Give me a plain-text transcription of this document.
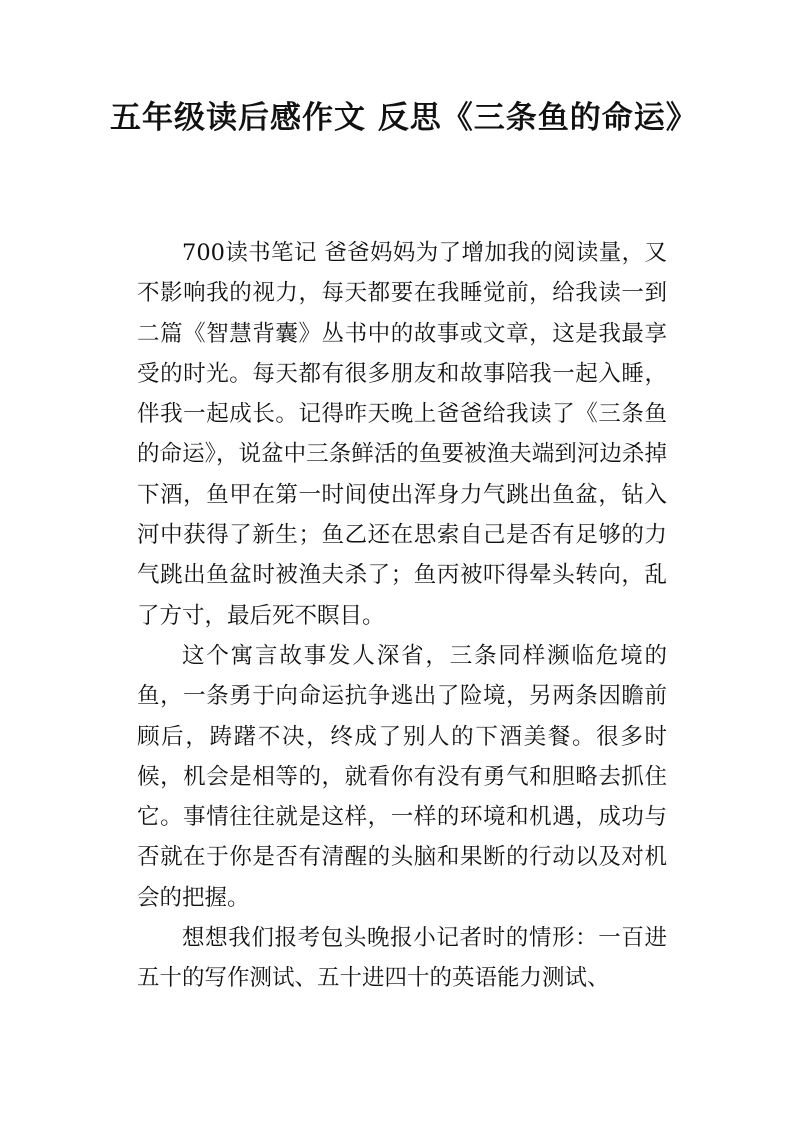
五年级读后感作文 反思《三条鱼的命运》

700读书笔记 爸爸妈妈为了增加我的阅读量，又不影响我的视力，每天都要在我睡觉前，给我读一到二篇《智慧背囊》丛书中的故事或文章，这是我最享受的时光。每天都有很多朋友和故事陪我一起入睡，伴我一起成长。记得昨天晚上爸爸给我读了《三条鱼的命运》，说盆中三条鲜活的鱼要被渔夫端到河边杀掉下酒，鱼甲在第一时间使出浑身力气跳出鱼盆，钻入河中获得了新生；鱼乙还在思索自己是否有足够的力气跳出鱼盆时被渔夫杀了；鱼丙被吓得晕头转向，乱了方寸，最后死不瞑目。

这个寓言故事发人深省，三条同样濒临危境的鱼，一条勇于向命运抗争逃出了险境，另两条因瞻前顾后，踌躇不决，终成了别人的下酒美餐。很多时候，机会是相等的，就看你有没有勇气和胆略去抓住它。事情往往就是这样，一样的环境和机遇，成功与否就在于你是否有清醒的头脑和果断的行动以及对机会的把握。

想想我们报考包头晚报小记者时的情形：一百进五十的写作测试、五十进四十的英语能力测试、
